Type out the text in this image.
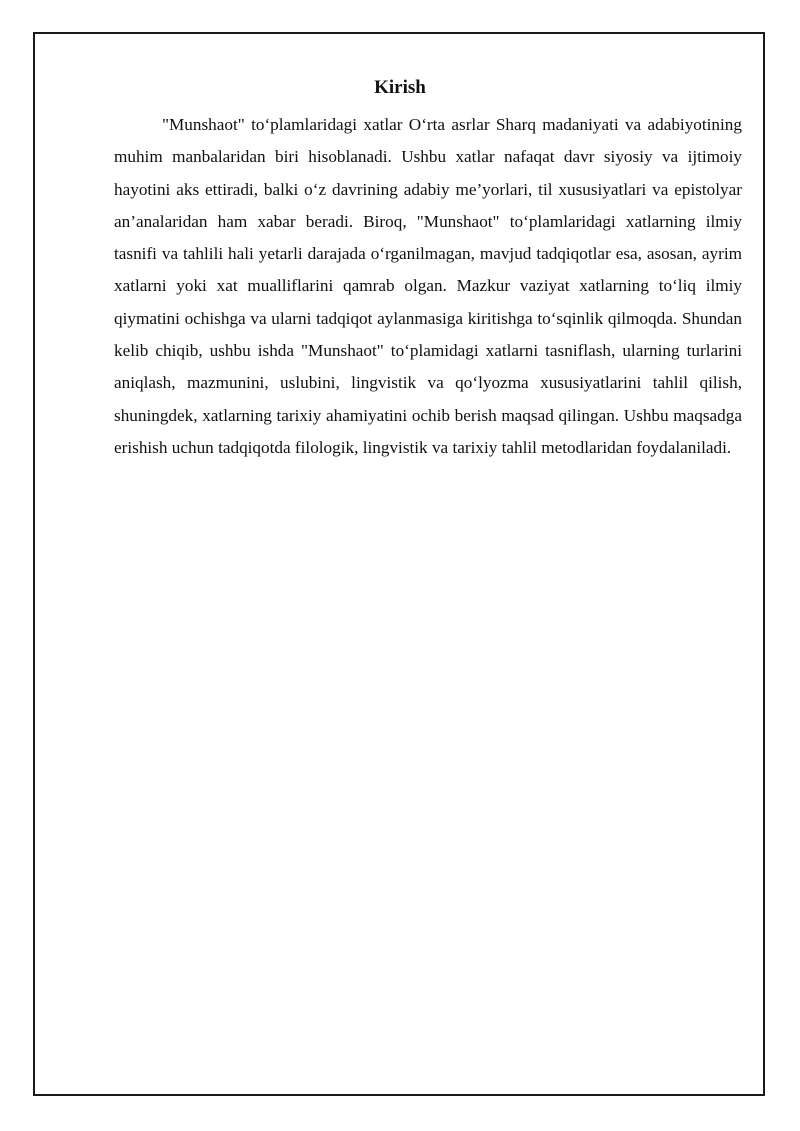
Kirish

"Munshaot" to‘plamlaridagi xatlar O‘rta asrlar Sharq madaniyati va adabiyotining muhim manbalaridan biri hisoblanadi. Ushbu xatlar nafaqat davr siyosiy va ijtimoiy hayotini aks ettiradi, balki o‘z davrining adabiy me’yorlari, til xususiyatlari va epistolyar an’analaridan ham xabar beradi. Biroq, "Munshaot" to‘plamlaridagi xatlarning ilmiy tasnifi va tahlili hali yetarli darajada o‘rganilmagan, mavjud tadqiqotlar esa, asosan, ayrim xatlarni yoki xat mualliflarini qamrab olgan. Mazkur vaziyat xatlarning to‘liq ilmiy qiymatini ochishga va ularni tadqiqot aylanmasiga kiritishga to‘sqinlik qilmoqda. Shundan kelib chiqib, ushbu ishda "Munshaot" to‘plamidagi xatlarni tasniflash, ularning turlarini aniqlash, mazmunini, uslubini, lingvistik va qo‘lyozma xususiyatlarini tahlil qilish, shuningdek, xatlarning tarixiy ahamiyatini ochib berish maqsad qilingan. Ushbu maqsadga erishish uchun tadqiqotda filologik, lingvistik va tarixiy tahlil metodlaridan foydalaniladi.
